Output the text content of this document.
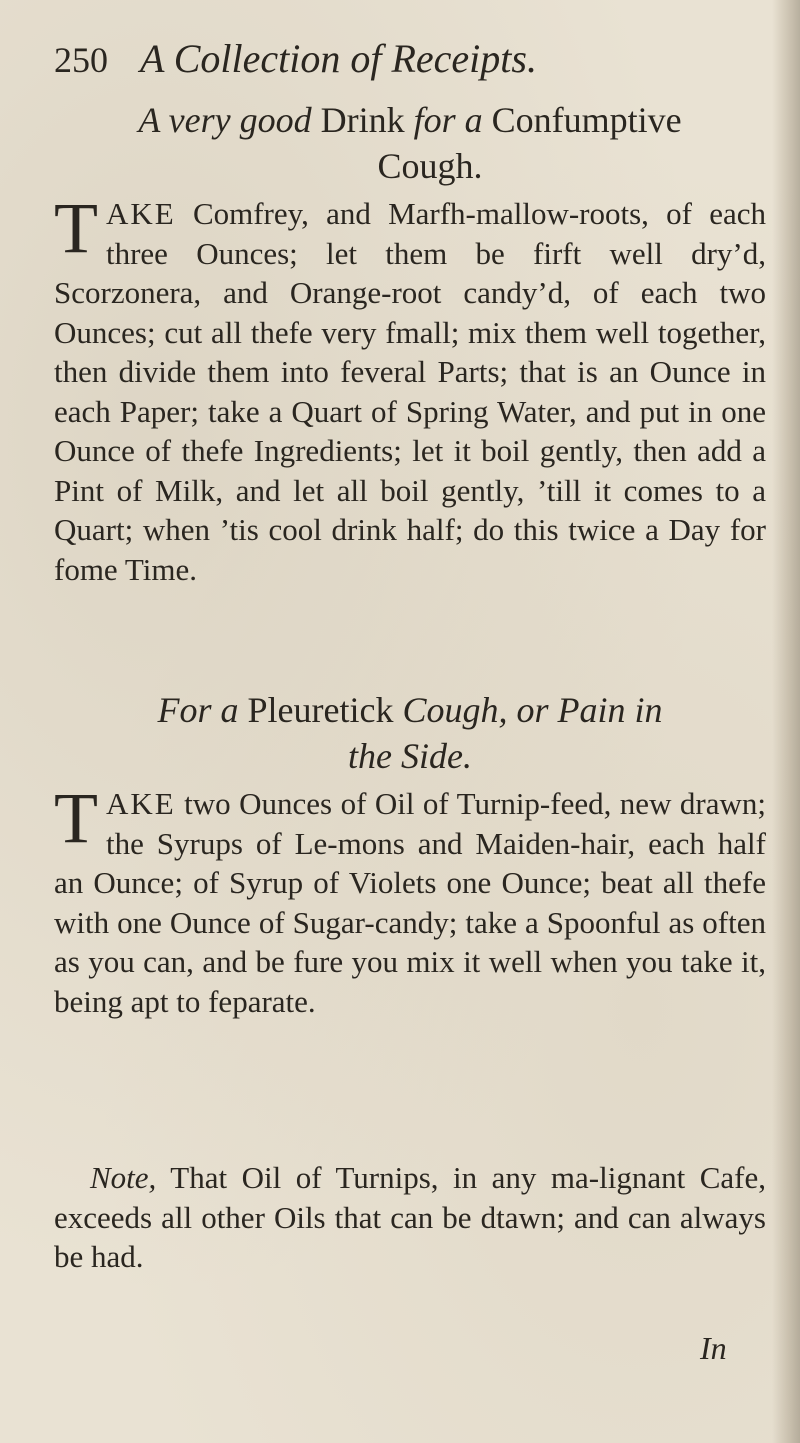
250 A Collection of Receipts.
A very good Drink for a Confumptive
Cough.

TAKE Comfrey, and Marfh-mallow-roots, of each three Ounces; let them be firft well dry’d, Scorzonera, and Orange-root candy’d, of each two Ounces; cut all thefe very fmall; mix them well together, then divide them into feveral Parts; that is an Ounce in each Paper; take a Quart of Spring Water, and put in one Ounce of thefe Ingredients; let it boil gently, then add a Pint of Milk, and let all boil gently, ’till it comes to a Quart; when ’tis cool drink half; do this twice a Day for fome Time.

For a Pleuretick Cough, or Pain in
the Side.

TAKE two Ounces of Oil of Turnip-feed, new drawn; the Syrups of Le-mons and Maiden-hair, each half an Ounce; of Syrup of Violets one Ounce; beat all thefe with one Ounce of Sugar-candy; take a Spoonful as often as you can, and be fure you mix it well when you take it, being apt to feparate.

Note, That Oil of Turnips, in any ma-lignant Cafe, exceeds all other Oils that can be dtawn; and can always be had.

In
